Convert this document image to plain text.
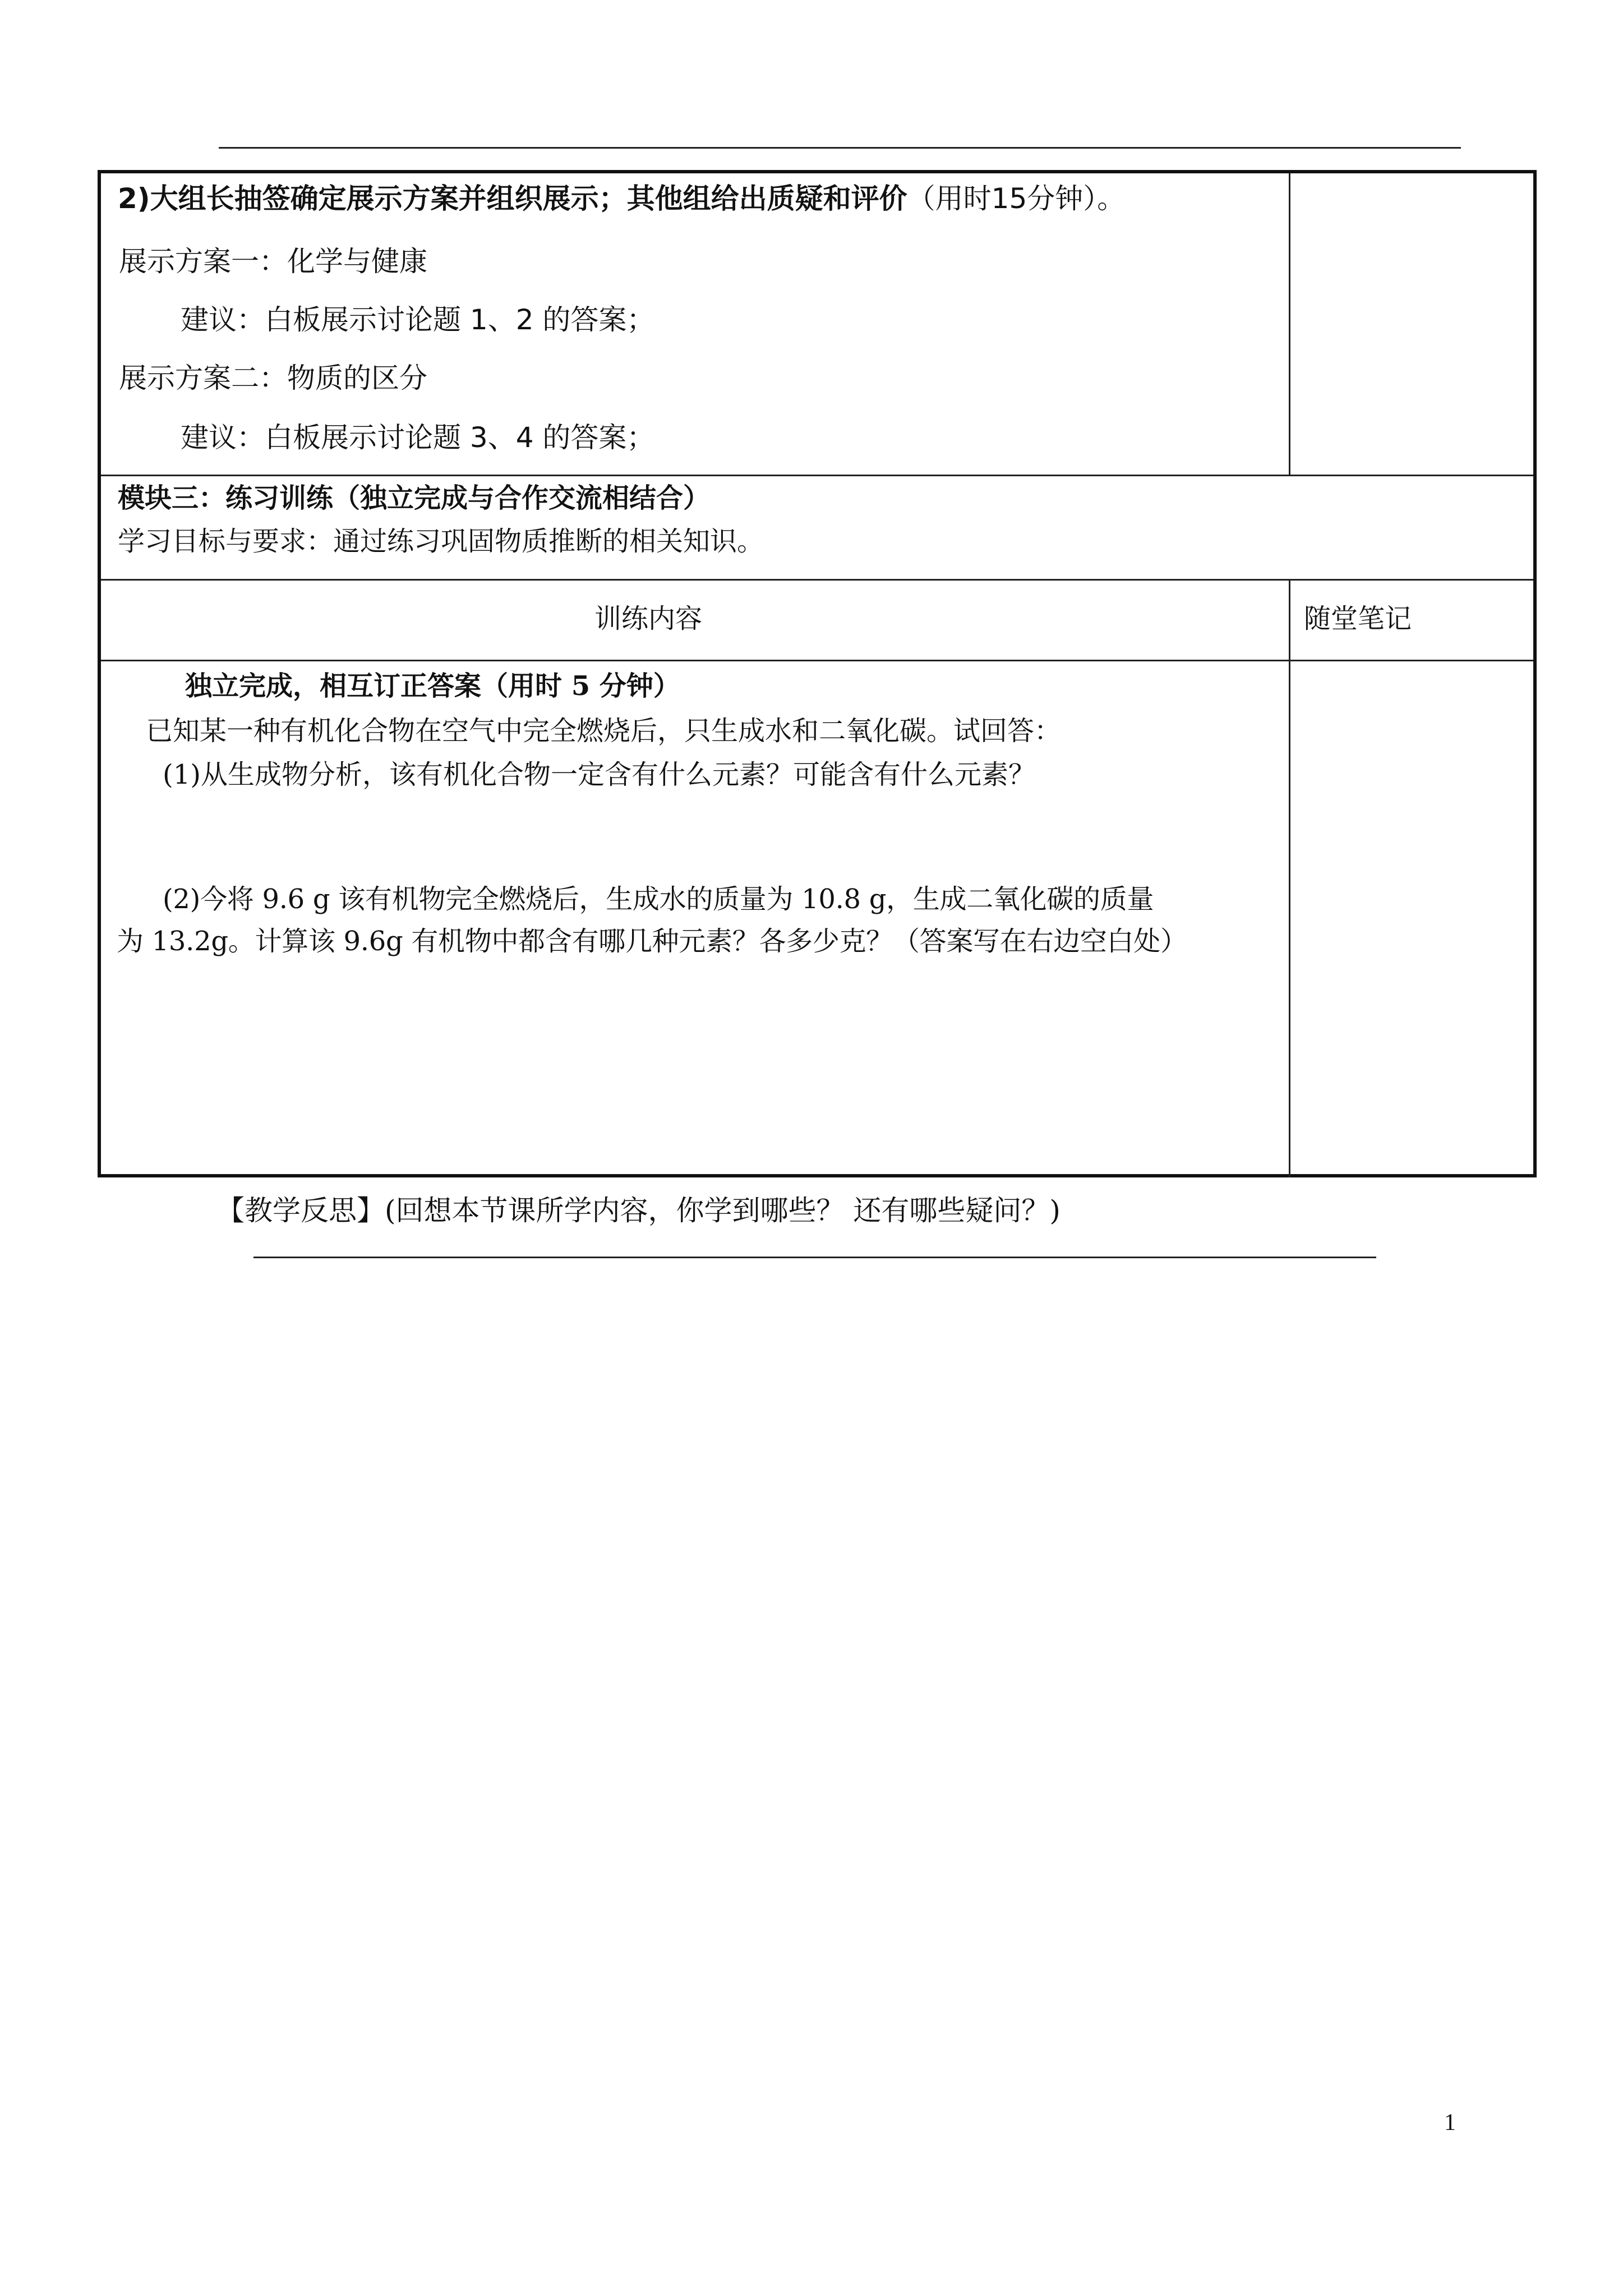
2)大组长抽签确定展示方案并组织展示；其他组给出质疑和评价（用时15分钟）。
展示方案一：化学与健康
建议：白板展示讨论题 1、2 的答案；
展示方案二：物质的区分
建议：白板展示讨论题 3、4 的答案；
模块三：练习训练（独立完成与合作交流相结合）
学习目标与要求：通过练习巩固物质推断的相关知识。
训练内容	随堂笔记
独立完成，相互订正答案（用时 5 分钟）
已知某一种有机化合物在空气中完全燃烧后，只生成水和二氧化碳。试回答：
(1)从生成物分析，该有机化合物一定含有什么元素？可能含有什么元素？
(2)今将 9.6 g 该有机物完全燃烧后，生成水的质量为 10.8 g，生成二氧化碳的质量
为 13.2g。计算该 9.6g 有机物中都含有哪几种元素？各多少克？（答案写在右边空白处）
【教学反思】(回想本节课所学内容，你学到哪些？ 还有哪些疑问？)
1
